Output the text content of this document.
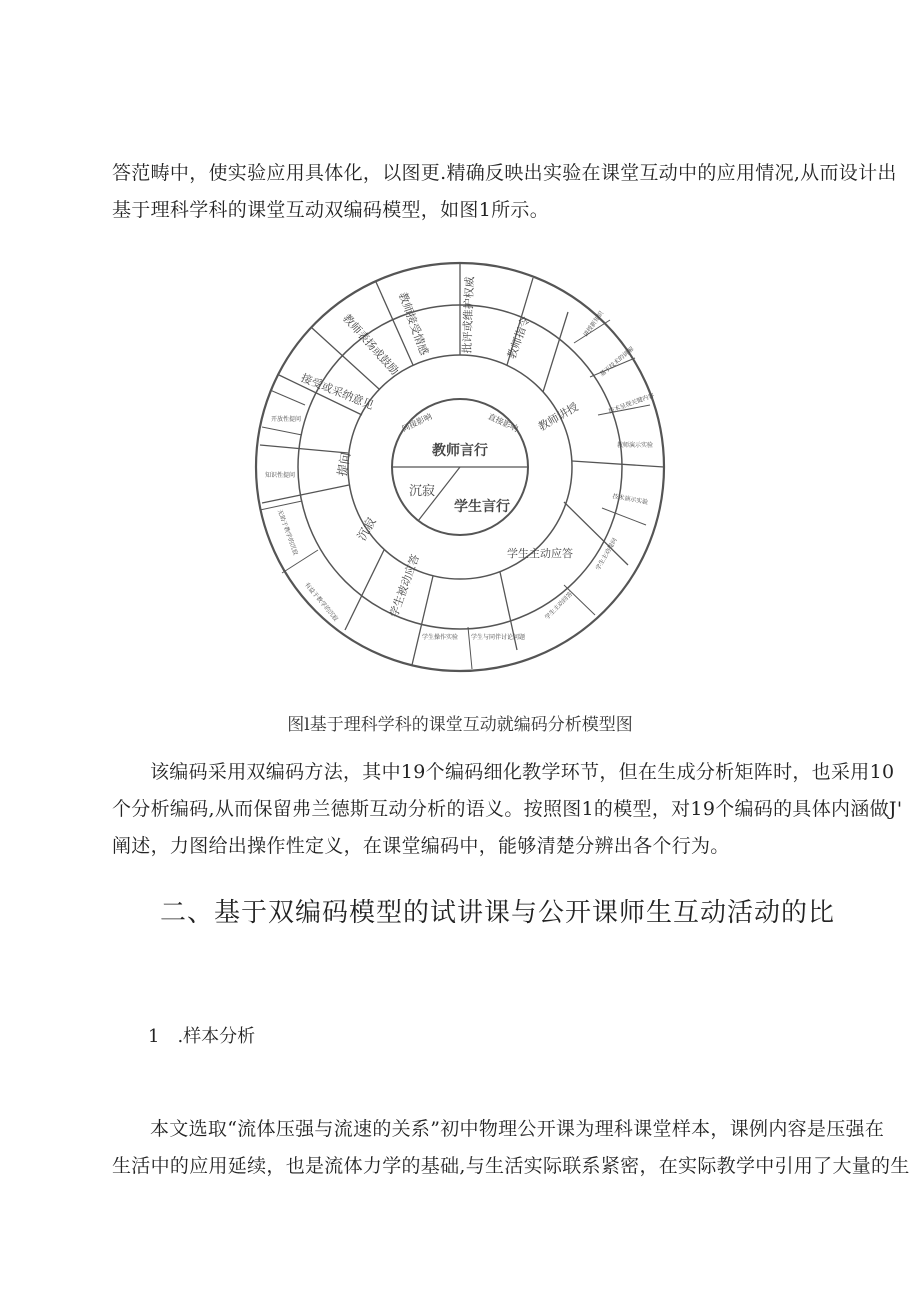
答范畴中，使实验应用具体化，以图更.精确反映出实验在课堂互动中的应用情况,从而设计出
基于理科学科的课堂互动双编码模型，如图1所示。
教师言行
学生言行
沉寂
间接影响	直接影响 教师讲授
学生主动应答
学生被动应答
沉寂
提问
接受或采纳意见
教师表扬或鼓励
教师接受情感	批评或维护权威	教师指令	讲授新知识
基于技术的讲解
技术呈现关键内容
教师演示实验
技术演示实验
学生主动提问
学生主动回答
学生与同伴讨论问题
学生操作实验
有益于教学的沉寂
无助于教学的沉寂
知识性提问
开放性提问
图l基于理科学科的课堂互动就编码分析模型图
该编码采用双编码方法，其中19个编码细化教学环节，但在生成分析矩阵时，也采用10
个分析编码,从而保留弗兰德斯互动分析的语义。按照图1的模型，对19个编码的具体内涵做J'
阐述，力图给出操作性定义，在课堂编码中，能够清楚分辨出各个行为。
二、基于双编码模型的试讲课与公开课师生互动活动的比
1　.样本分析
本文选取“流体压强与流速的关系”初中物理公开课为理科课堂样本，课例内容是压强在
生活中的应用延续，也是流体力学的基础,与生活实际联系紧密，在实际教学中引用了大量的生
